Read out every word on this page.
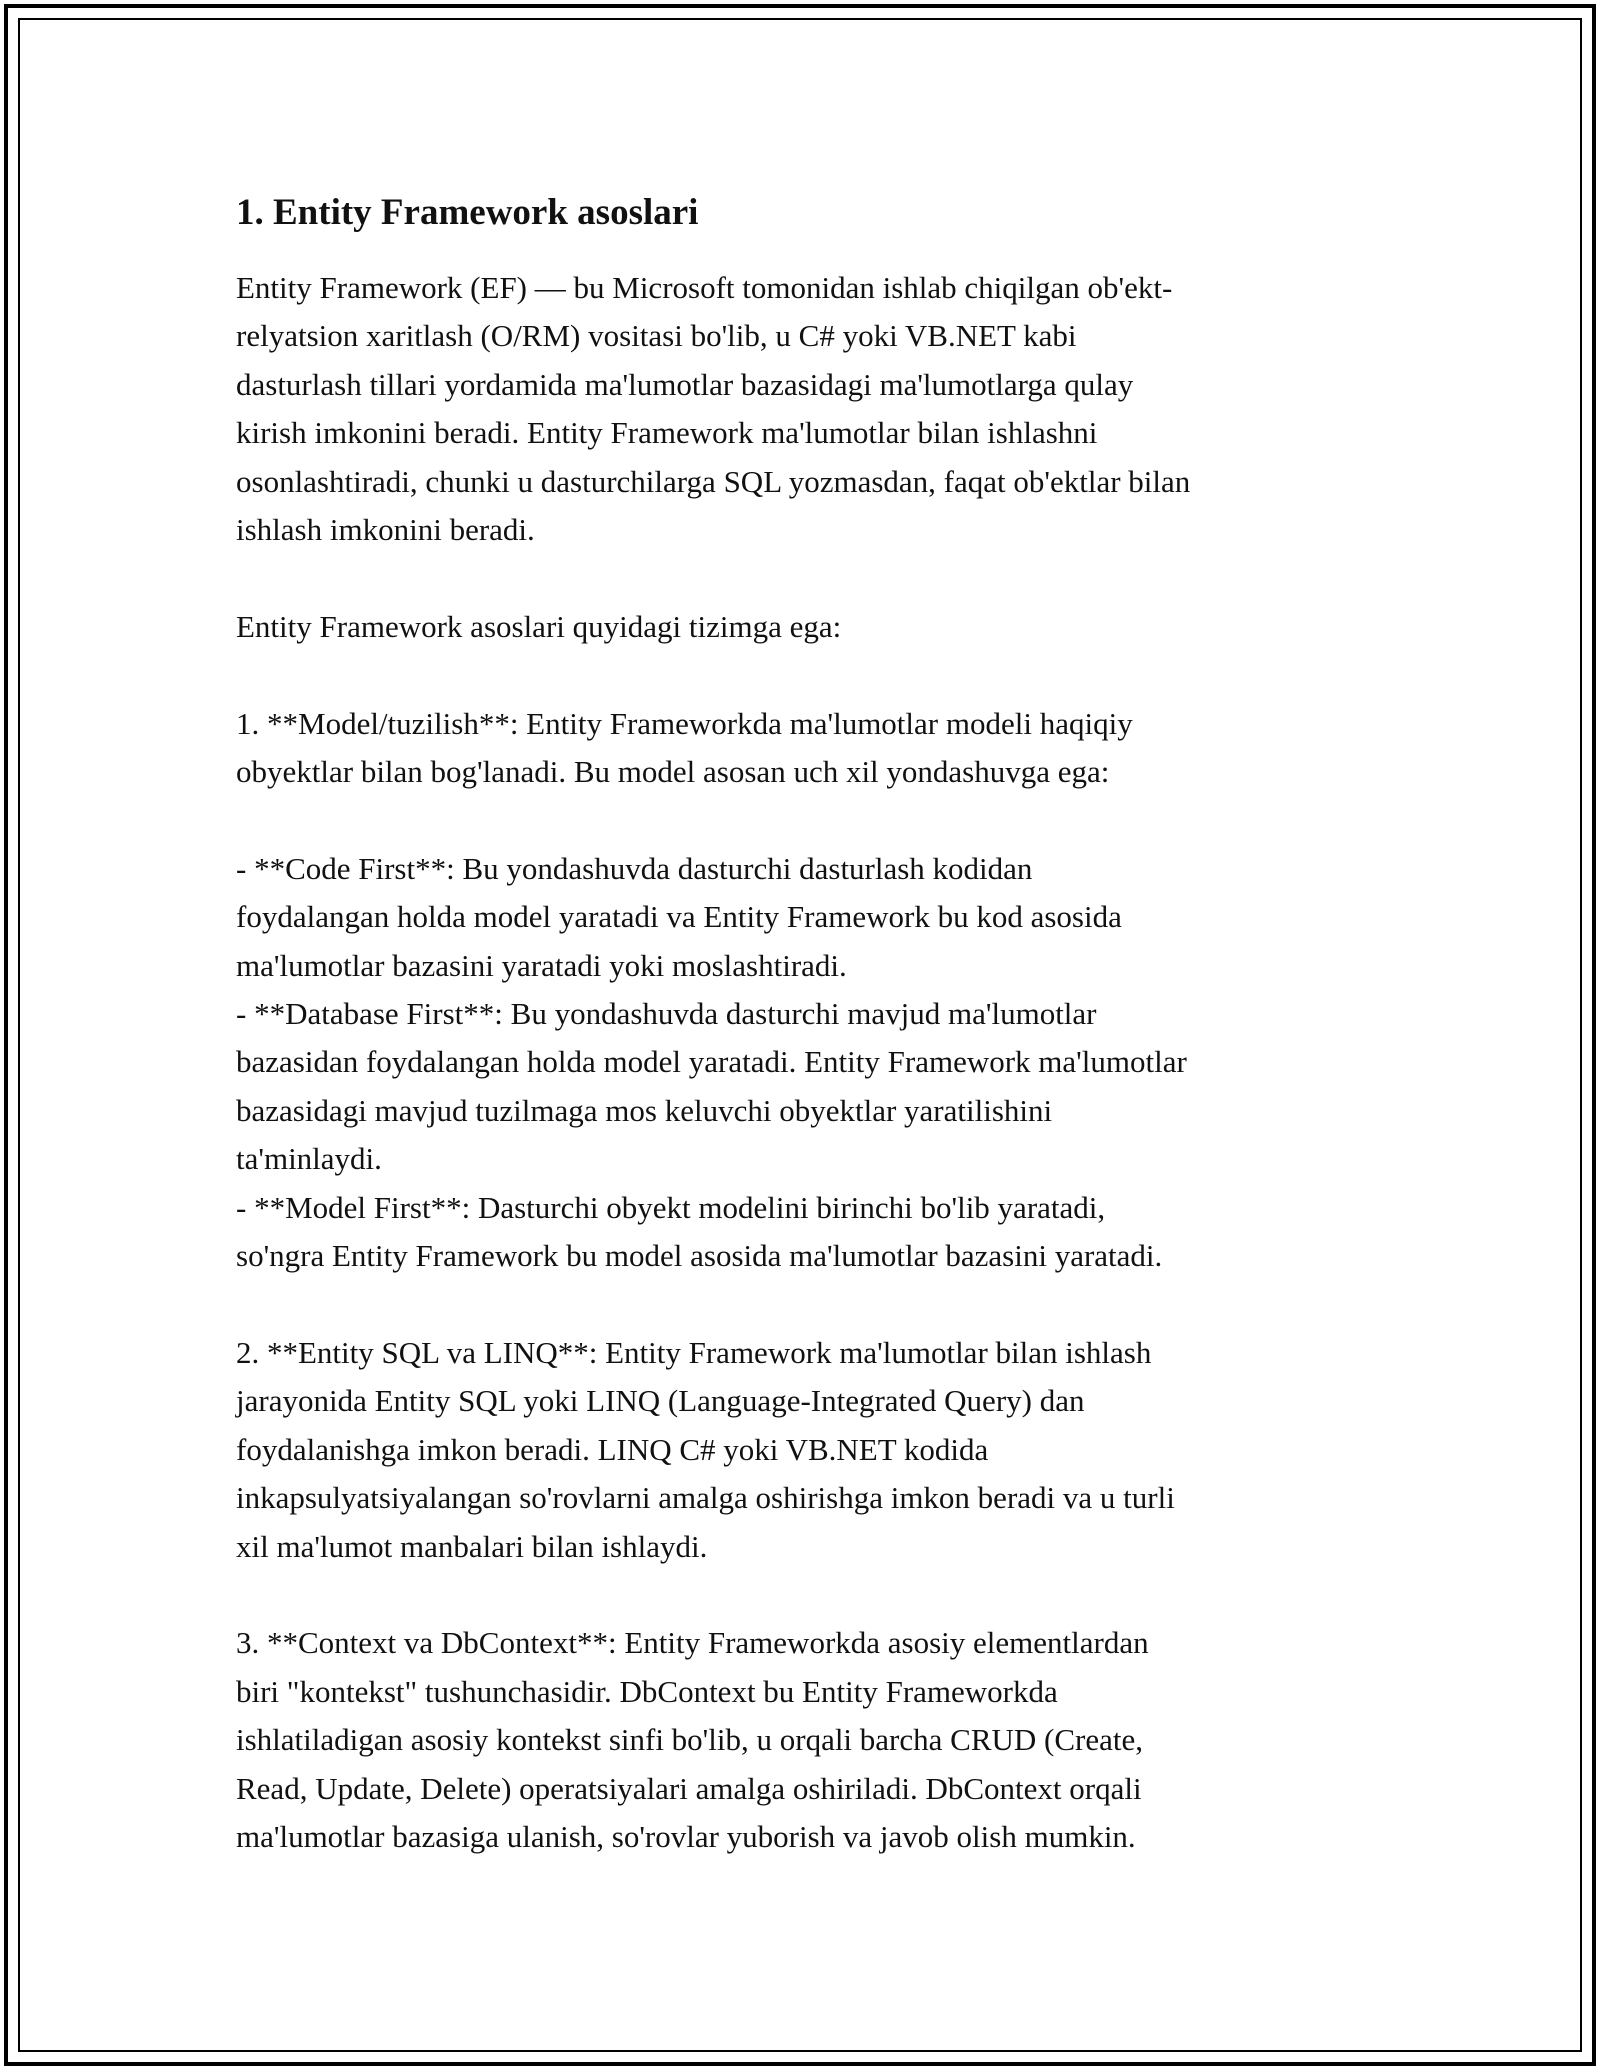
1. Entity Framework asoslari

Entity Framework (EF) — bu Microsoft tomonidan ishlab chiqilgan ob'ekt-
relyatsion xaritlash (O/RM) vositasi bo'lib, u C# yoki VB.NET kabi
dasturlash tillari yordamida ma'lumotlar bazasidagi ma'lumotlarga qulay
kirish imkonini beradi. Entity Framework ma'lumotlar bilan ishlashni
osonlashtiradi, chunki u dasturchilarga SQL yozmasdan, faqat ob'ektlar bilan
ishlash imkonini beradi.

Entity Framework asoslari quyidagi tizimga ega:

1. **Model/tuzilish**: Entity Frameworkda ma'lumotlar modeli haqiqiy
obyektlar bilan bog'lanadi. Bu model asosan uch xil yondashuvga ega:

- **Code First**: Bu yondashuvda dasturchi dasturlash kodidan
foydalangan holda model yaratadi va Entity Framework bu kod asosida
ma'lumotlar bazasini yaratadi yoki moslashtiradi.

- **Database First**: Bu yondashuvda dasturchi mavjud ma'lumotlar
bazasidan foydalangan holda model yaratadi. Entity Framework ma'lumotlar
bazasidagi mavjud tuzilmaga mos keluvchi obyektlar yaratilishini
ta'minlaydi.

- **Model First**: Dasturchi obyekt modelini birinchi bo'lib yaratadi,
so'ngra Entity Framework bu model asosida ma'lumotlar bazasini yaratadi.

2. **Entity SQL va LINQ**: Entity Framework ma'lumotlar bilan ishlash
jarayonida Entity SQL yoki LINQ (Language-Integrated Query) dan
foydalanishga imkon beradi. LINQ C# yoki VB.NET kodida
inkapsulyatsiyalangan so'rovlarni amalga oshirishga imkon beradi va u turli
xil ma'lumot manbalari bilan ishlaydi.

3. **Context va DbContext**: Entity Frameworkda asosiy elementlardan
biri "kontekst" tushunchasidir. DbContext bu Entity Frameworkda
ishlatiladigan asosiy kontekst sinfi bo'lib, u orqali barcha CRUD (Create,
Read, Update, Delete) operatsiyalari amalga oshiriladi. DbContext orqali
ma'lumotlar bazasiga ulanish, so'rovlar yuborish va javob olish mumkin.
